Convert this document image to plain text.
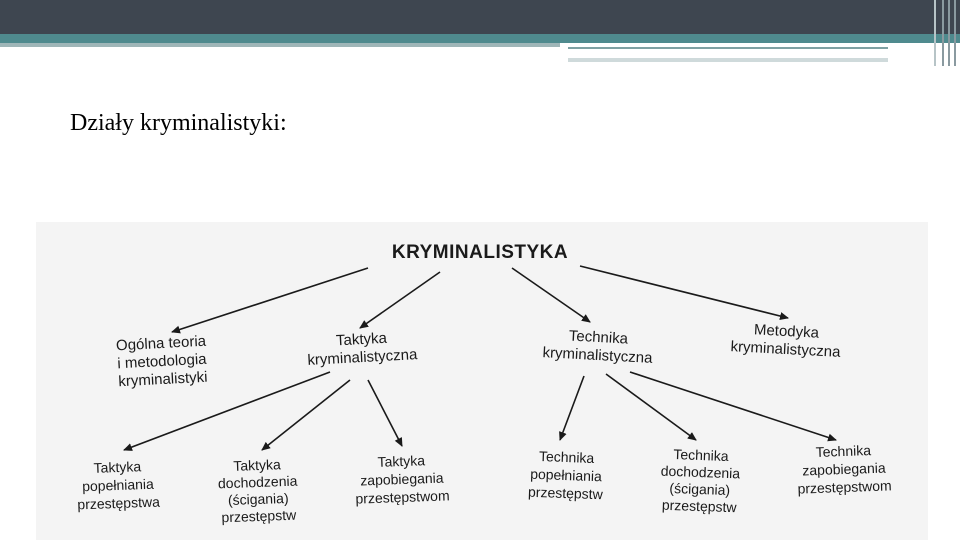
Działy kryminalistyki:
KRYMINALISTYKA
Ogólna teoria
i metodologia
kryminalistyki
Taktyka
kryminalistyczna
Technika
kryminalistyczna
Metodyka
kryminalistyczna
Taktyka
popełniania
przestępstwa
Taktyka
dochodzenia
(ścigania)
przestępstw
Taktyka
zapobiegania
przestępstwom
Technika
popełniania
przestępstw
Technika
dochodzenia
(ścigania)
przestępstw
Technika
zapobiegania
przestępstwom
